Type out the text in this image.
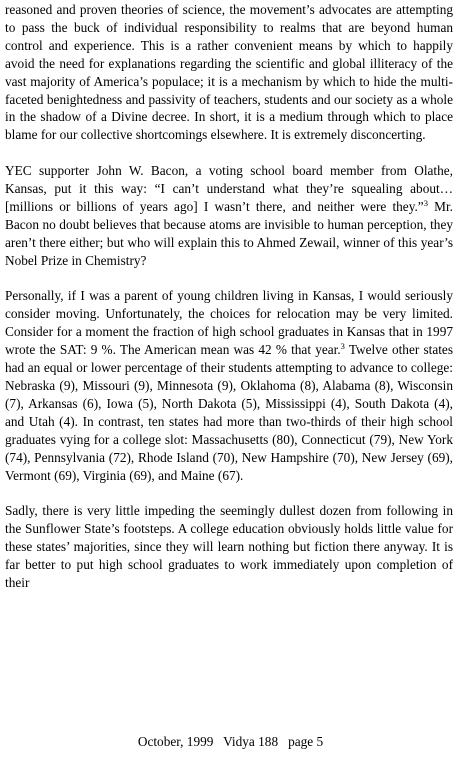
reasoned and proven theories of science, the movement’s advocates are attempting to pass the buck of individual responsibility to realms that are beyond human control and experience. This is a rather convenient means by which to happily avoid the need for explanations regarding the scientific and global illiteracy of the vast majority of America’s populace; it is a mechanism by which to hide the multi-faceted benightedness and passivity of teachers, students and our society as a whole in the shadow of a Divine decree. In short, it is a medium through which to place blame for our collective shortcomings elsewhere. It is extremely disconcerting.

YEC supporter John W. Bacon, a voting school board member from Olathe, Kansas, put it this way: “I can’t understand what they’re squealing about…[millions or billions of years ago] I wasn’t there, and neither were they.”$^3$ Mr. Bacon no doubt believes that because atoms are invisible to human perception, they aren’t there either; but who will explain this to Ahmed Zewail, winner of this year’s Nobel Prize in Chemistry?

Personally, if I was a parent of young children living in Kansas, I would seriously consider moving. Unfortunately, the choices for relocation may be very limited. Consider for a moment the fraction of high school graduates in Kansas that in 1997 wrote the SAT: 9 %. The American mean was 42 % that year.$^3$ Twelve other states had an equal or lower percentage of their students attempting to advance to college: Nebraska (9), Missouri (9), Minnesota (9), Oklahoma (8), Alabama (8), Wisconsin (7), Arkansas (6), Iowa (5), North Dakota (5), Mississippi (4), South Dakota (4), and Utah (4). In contrast, ten states had more than two-thirds of their high school graduates vying for a college slot: Massachusetts (80), Connecticut (79), New York (74), Pennsylvania (72), Rhode Island (70), New Hampshire (70), New Jersey (69), Vermont (69), Virginia (69), and Maine (67).

Sadly, there is very little impeding the seemingly dullest dozen from following in the Sunflower State’s footsteps. A college education obviously holds little value for these states’ majorities, since they will learn nothing but fiction there anyway. It is far better to put high school graduates to work immediately upon completion of their

October, 1999   Vidya 188   page 5
